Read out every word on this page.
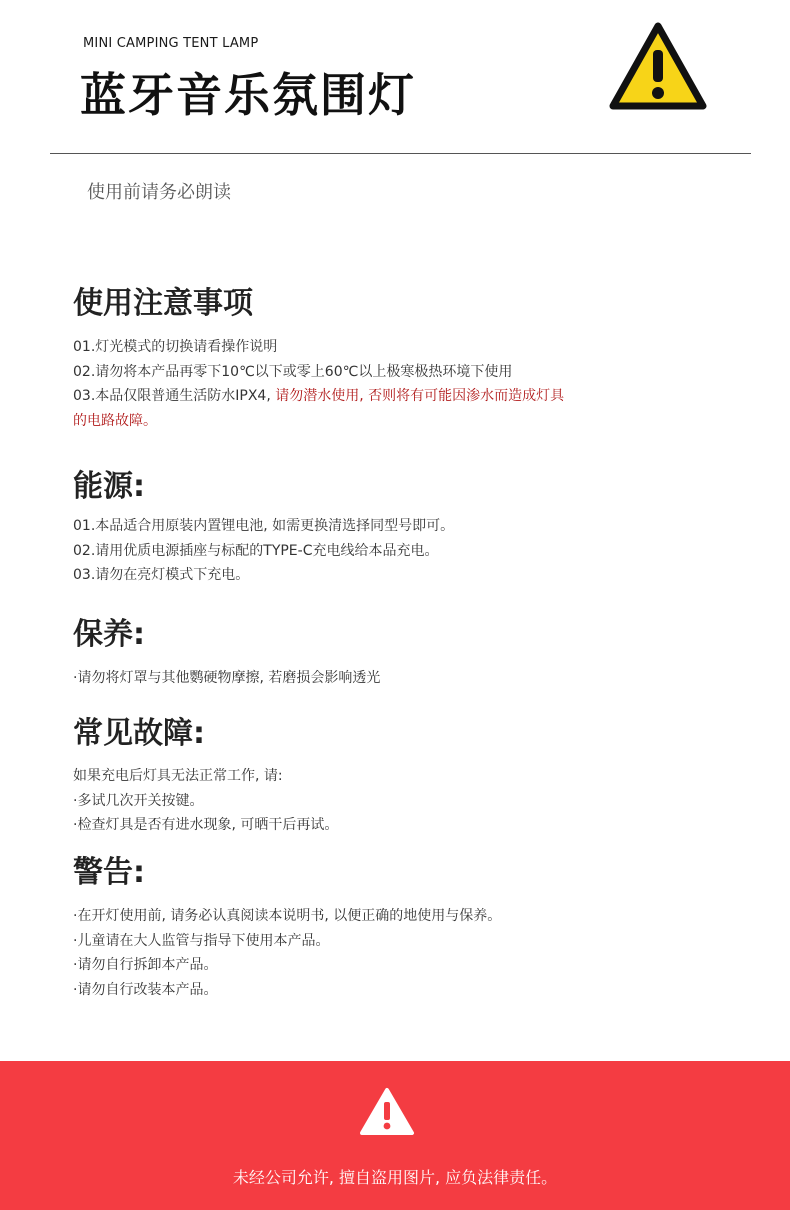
MINI CAMPING TENT LAMP
蓝牙音乐氛围灯
使用前请务必朗读
使用注意事项
01.灯光模式的切换请看操作说明
02.请勿将本产品再零下10℃以下或零上60℃以上极寒极热环境下使用
03.本品仅限普通生活防水IPX4, 请勿潜水使用, 否则将有可能因渗水而造成灯具
的电路故障。
能源:
01.本品适合用原装内置锂电池, 如需更换清选择同型号即可。
02.请用优质电源插座与标配的TYPE-C充电线给本品充电。
03.请勿在亮灯模式下充电。
保养:
·请勿将灯罩与其他鹦硬物摩擦, 若磨损会影响透光
常见故障:
如果充电后灯具无法正常工作, 请:
·多试几次开关按键。
·检查灯具是否有进水现象, 可晒干后再试。
警告:
·在开灯使用前, 请务必认真阅读本说明书, 以便正确的地使用与保养。
·儿童请在大人监管与指导下使用本产品。
·请勿自行拆卸本产品。
·请勿自行改装本产品。
未经公司允许, 擅自盗用图片, 应负法律责任。
